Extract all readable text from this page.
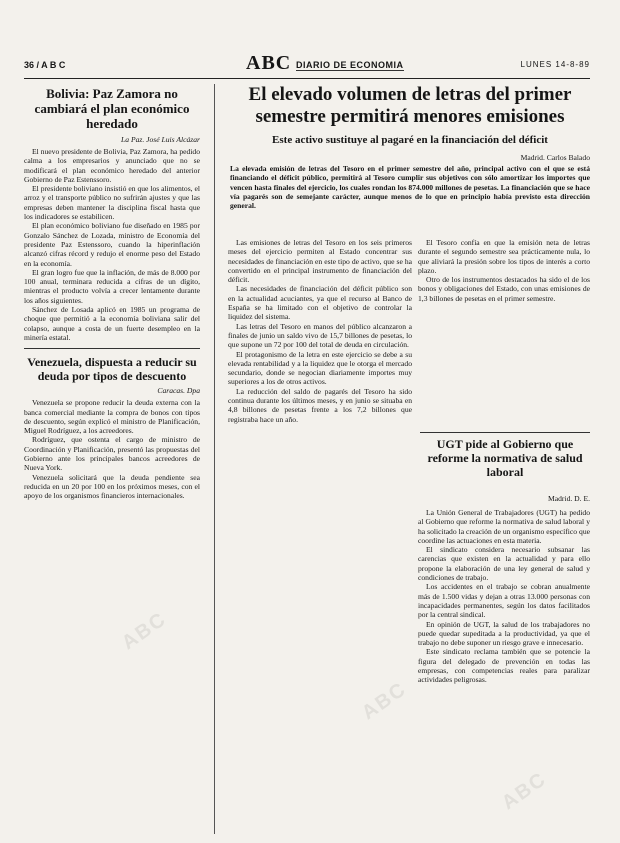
ABC
ABC
ABC
36 / A B C	ABC DIARIO DE ECONOMIA	LUNES 14-8-89
Bolivia: Paz Zamora no cambiará el plan económico heredado
La Paz. José Luis Alcázar

El nuevo presidente de Bolivia, Paz Zamora, ha pedido calma a los empresarios y anunciado que no se modificará el plan económico heredado del anterior Gobierno de Paz Estenssoro.

El presidente boliviano insistió en que los alimentos, el arroz y el transporte público no sufrirán ajustes y que las empresas deben mantener la disciplina fiscal hasta que los indicadores se estabilicen.

El plan económico boliviano fue diseñado en 1985 por Gonzalo Sánchez de Lozada, ministro de Economía del presidente Paz Estenssoro, cuando la hiperinflación alcanzó cifras récord y redujo el enorme peso del Estado en la economía.

El gran logro fue que la inflación, de más de 8.000 por 100 anual, terminara reducida a cifras de un dígito, mientras el producto volvía a crecer lentamente durante los años siguientes.

Sánchez de Losada aplicó en 1985 un programa de choque que permitió a la economía boliviana salir del colapso, aunque a costa de un fuerte desempleo en la minería estatal.

Venezuela, dispuesta a reducir su deuda por tipos de descuento
Caracas. Dpa

Venezuela se propone reducir la deuda externa con la banca comercial mediante la compra de bonos con tipos de descuento, según explicó el ministro de Planificación, Miguel Rodríguez, a los acreedores.

Rodríguez, que ostenta el cargo de ministro de Coordinación y Planificación, presentó las propuestas del Gobierno ante los principales bancos acreedores de Nueva York.

Venezuela solicitará que la deuda pendiente sea reducida en un 20 por 100 en los próximos meses, con el apoyo de los organismos financieros internacionales.

El elevado volumen de letras del primer semestre permitirá menores emisiones
Este activo sustituye al pagaré en la financiación del déficit
Madrid. Carlos Balado
La elevada emisión de letras del Tesoro en el primer semestre del año, principal activo con el que se está financiando el déficit público, permitirá al Tesoro cumplir sus objetivos con sólo amortizar los importes que vencen hasta finales del ejercicio, los cuales rondan los 874.000 millones de pesetas. La financiación que se hace vía pagarés son de semejante carácter, aunque menos de lo que en principio había previsto esta dirección general.

Las emisiones de letras del Tesoro en los seis primeros meses del ejercicio permiten al Estado concentrar sus necesidades de financiación en este tipo de activo, que se ha convertido en el principal instrumento de financiación del déficit.

Las necesidades de financiación del déficit público son en la actualidad acuciantes, ya que el recurso al Banco de España se ha limitado con el objetivo de controlar la liquidez del sistema.

Las letras del Tesoro en manos del público alcanzaron a finales de junio un saldo vivo de 15,7 billones de pesetas, lo que supone un 72 por 100 del total de deuda en circulación.

El protagonismo de la letra en este ejercicio se debe a su elevada rentabilidad y a la liquidez que le otorga el mercado secundario, donde se negocian diariamente importes muy superiores a los de otros activos.

La reducción del saldo de pagarés del Tesoro ha sido continua durante los últimos meses, y en junio se situaba en 4,8 billones de pesetas frente a los 7,2 billones que registraba hace un año.

El Tesoro confía en que la emisión neta de letras durante el segundo semestre sea prácticamente nula, lo que aliviará la presión sobre los tipos de interés a corto plazo.

Otro de los instrumentos destacados ha sido el de los bonos y obligaciones del Estado, con unas emisiones de 1,3 billones de pesetas en el primer semestre.

UGT pide al Gobierno que reforme la normativa de salud laboral
Madrid. D. E.

La Unión General de Trabajadores (UGT) ha pedido al Gobierno que reforme la normativa de salud laboral y ha solicitado la creación de un organismo específico que coordine las actuaciones en esta materia.

El sindicato considera necesario subsanar las carencias que existen en la actualidad y para ello propone la elaboración de una ley general de salud y condiciones de trabajo.

Los accidentes en el trabajo se cobran anualmente más de 1.500 vidas y dejan a otras 13.000 personas con incapacidades permanentes, según los datos facilitados por la central sindical.

En opinión de UGT, la salud de los trabajadores no puede quedar supeditada a la productividad, ya que el trabajo no debe suponer un riesgo grave e innecesario.

Este sindicato reclama también que se potencie la figura del delegado de prevención en todas las empresas, con competencias reales para paralizar actividades peligrosas.
